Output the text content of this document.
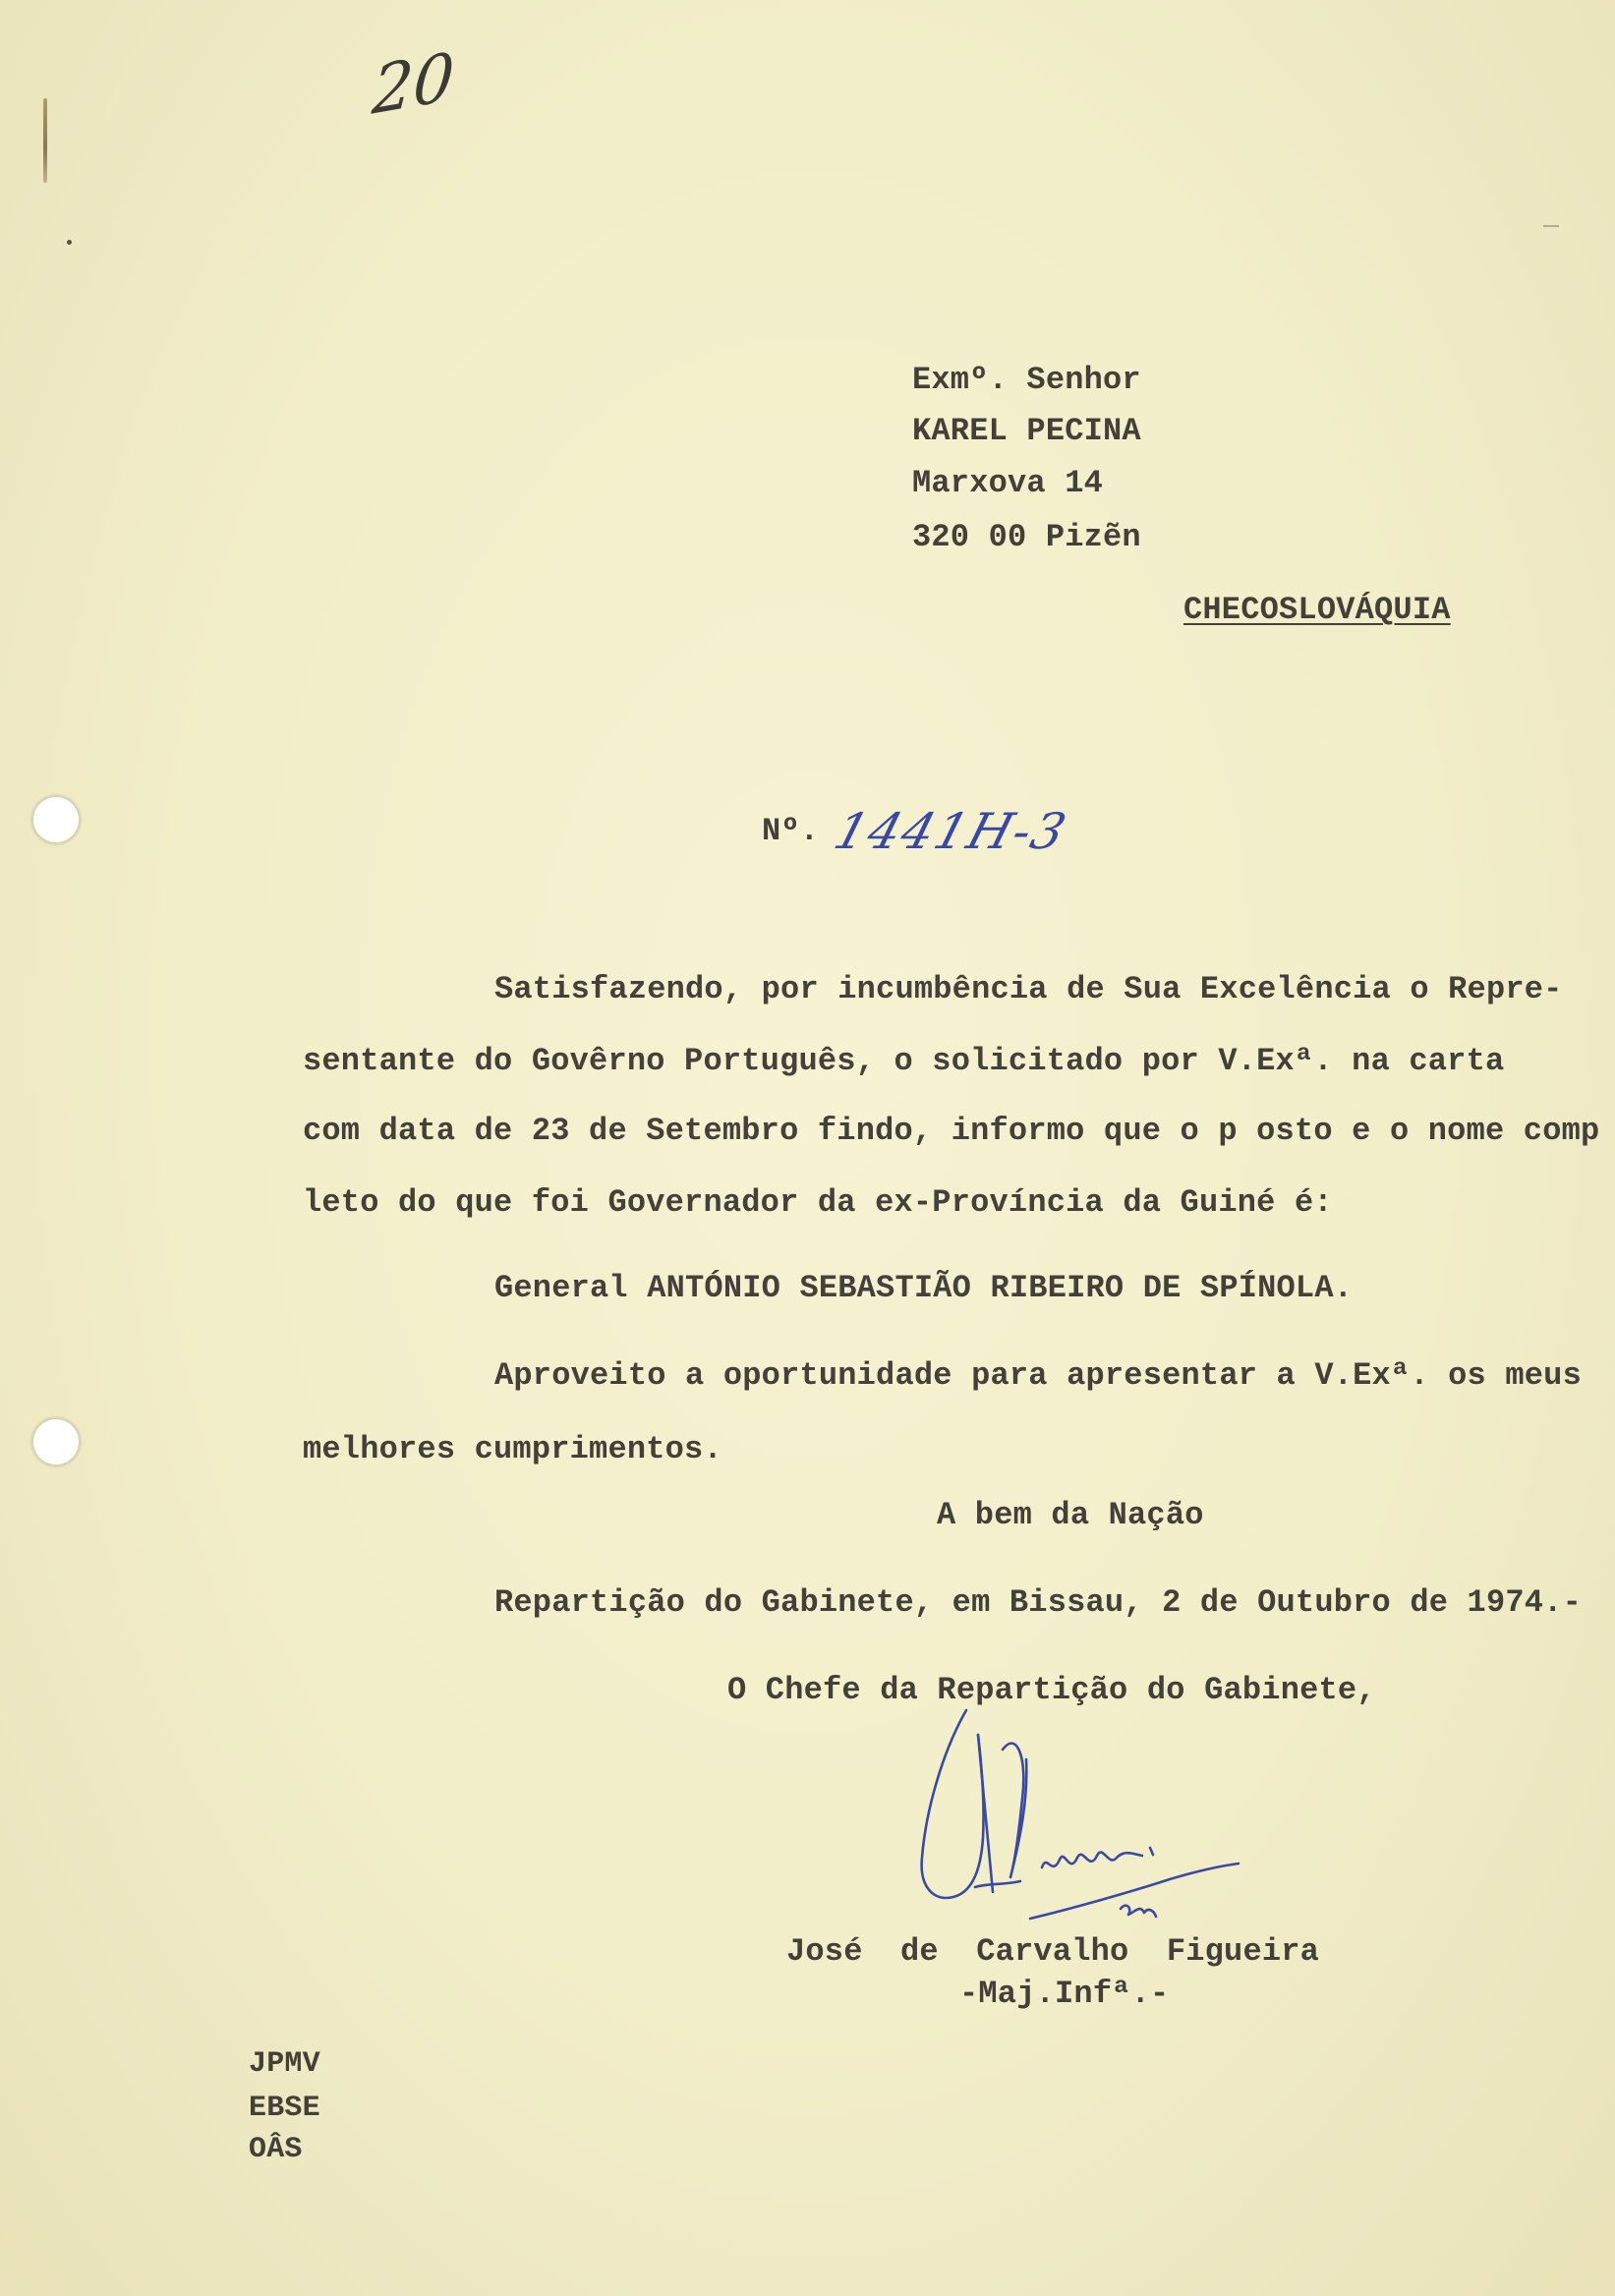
20
Exmº. Senhor
KAREL PECINA
Marxova 14
320 00 Pizẽn
CHECOSLOVÁQUIA
Nº. 1441H-3
Satisfazendo, por incumbência de Sua Excelência o Repre-
sentante do Govêrno Português, o solicitado por V.Exª. na carta
com data de 23 de Setembro findo, informo que o p osto e o nome comp
leto do que foi Governador da ex-Província da Guiné é:
General ANTÓNIO SEBASTIÃO RIBEIRO DE SPÍNOLA.
Aproveito a oportunidade para apresentar a V.Exª. os meus
melhores cumprimentos.
A bem da Nação
Repartição do Gabinete, em Bissau, 2 de Outubro de 1974.-
O Chefe da Repartição do Gabinete,
José de Carvalho Figueira
-Maj.Infª.-
JPMV
EBSE
OÂS
